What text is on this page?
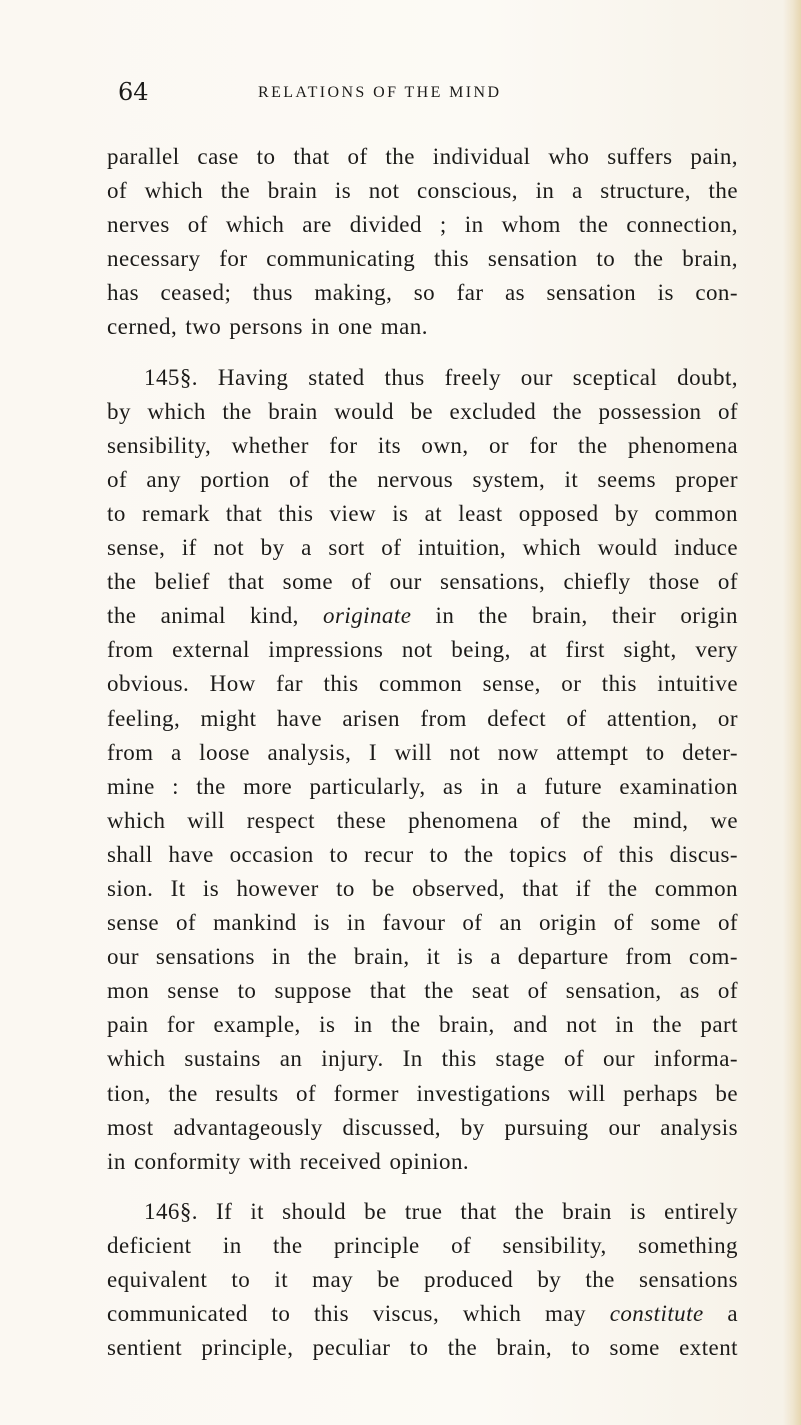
64	RELATIONS OF THE MIND
parallel case to that of the individual who suffers pain,
of which the brain is not conscious, in a structure, the
nerves of which are divided ; in whom the connection,
necessary for communicating this sensation to the brain,
has ceased; thus making, so far as sensation is con-
cerned, two persons in one man.
145§. Having stated thus freely our sceptical doubt,
by which the brain would be excluded the possession of
sensibility, whether for its own, or for the phenomena
of any portion of the nervous system, it seems proper
to remark that this view is at least opposed by common
sense, if not by a sort of intuition, which would induce
the belief that some of our sensations, chiefly those of
the animal kind, originate in the brain, their origin
from external impressions not being, at first sight, very
obvious. How far this common sense, or this intuitive
feeling, might have arisen from defect of attention, or
from a loose analysis, I will not now attempt to deter-
mine : the more particularly, as in a future examination
which will respect these phenomena of the mind, we
shall have occasion to recur to the topics of this discus-
sion. It is however to be observed, that if the common
sense of mankind is in favour of an origin of some of
our sensations in the brain, it is a departure from com-
mon sense to suppose that the seat of sensation, as of
pain for example, is in the brain, and not in the part
which sustains an injury. In this stage of our informa-
tion, the results of former investigations will perhaps be
most advantageously discussed, by pursuing our analysis
in conformity with received opinion.
146§. If it should be true that the brain is entirely
deficient in the principle of sensibility, something
equivalent to it may be produced by the sensations
communicated to this viscus, which may constitute a
sentient principle, peculiar to the brain, to some extent
